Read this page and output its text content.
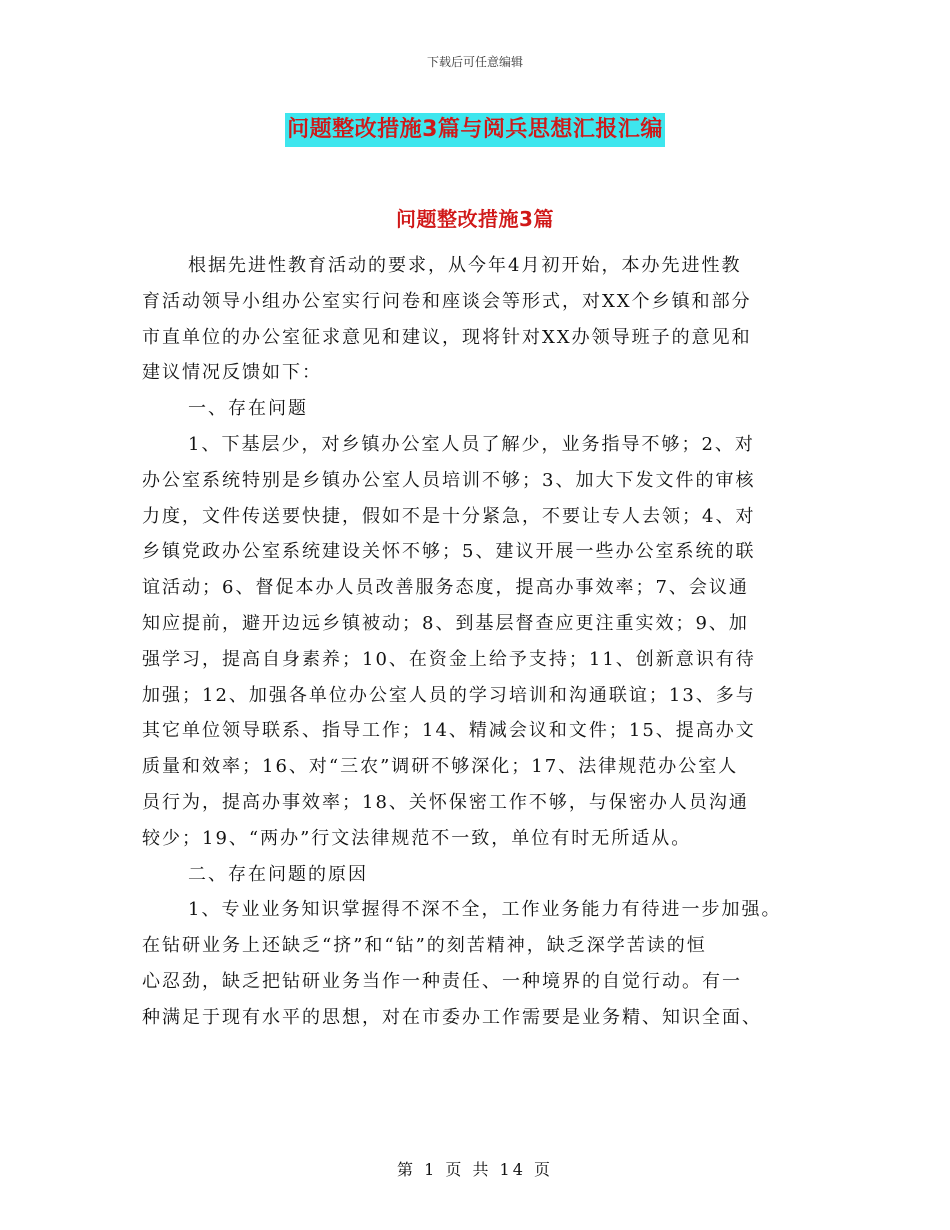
下载后可任意编辑
问题整改措施3篇与阅兵思想汇报汇编
问题整改措施3篇
根据先进性教育活动的要求，从今年4月初开始，本办先进性教
育活动领导小组办公室实行问卷和座谈会等形式，对XX个乡镇和部分
市直单位的办公室征求意见和建议，现将针对XX办领导班子的意见和
建议情况反馈如下：
一、存在问题
1、下基层少，对乡镇办公室人员了解少，业务指导不够；2、对
办公室系统特别是乡镇办公室人员培训不够；3、加大下发文件的审核
力度，文件传送要快捷，假如不是十分紧急，不要让专人去领；4、对
乡镇党政办公室系统建设关怀不够；5、建议开展一些办公室系统的联
谊活动；6、督促本办人员改善服务态度，提高办事效率；7、会议通
知应提前，避开边远乡镇被动；8、到基层督查应更注重实效；9、加
强学习，提高自身素养；10、在资金上给予支持；11、创新意识有待
加强；12、加强各单位办公室人员的学习培训和沟通联谊；13、多与
其它单位领导联系、指导工作；14、精减会议和文件；15、提高办文
质量和效率；16、对“三农”调研不够深化；17、法律规范办公室人
员行为，提高办事效率；18、关怀保密工作不够，与保密办人员沟通
较少；19、“两办”行文法律规范不一致，单位有时无所适从。
二、存在问题的原因
1、专业业务知识掌握得不深不全，工作业务能力有待进一步加强。
在钻研业务上还缺乏“挤”和“钻”的刻苦精神，缺乏深学苦读的恒
心忍劲，缺乏把钻研业务当作一种责任、一种境界的自觉行动。有一
种满足于现有水平的思想，对在市委办工作需要是业务精、知识全面、
第 1 页 共 14 页
